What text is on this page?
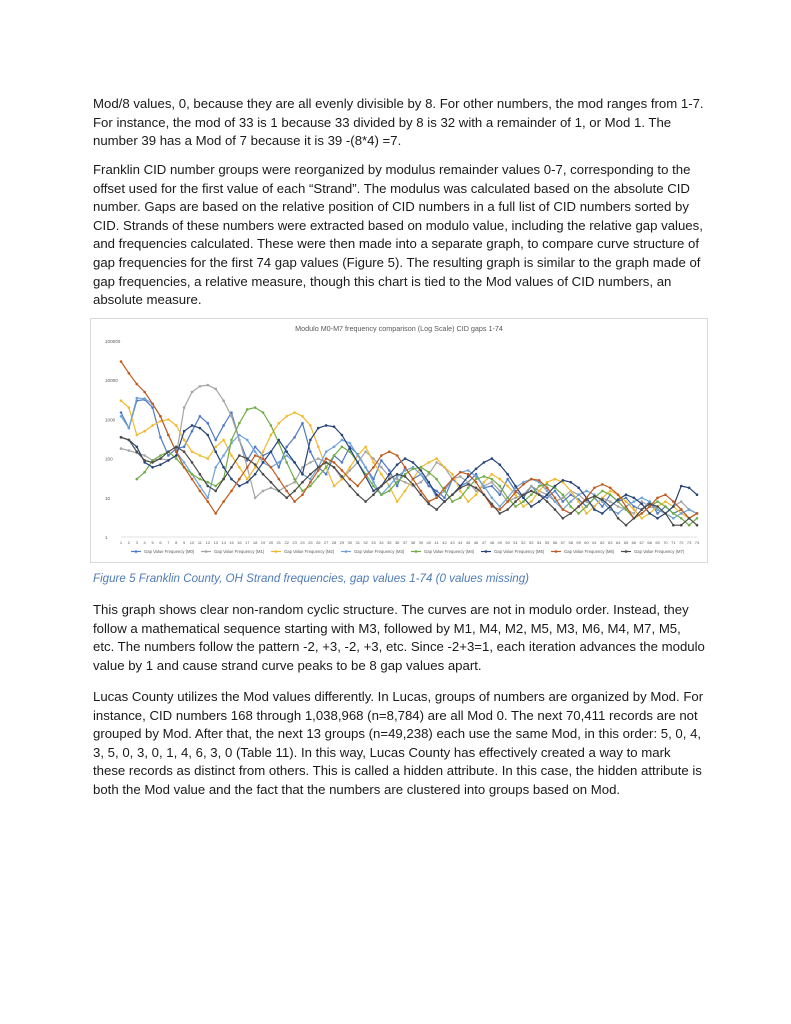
Mod/8 values, 0, because they are all evenly divisible by 8. For other numbers, the mod ranges from 1-7. For instance, the mod of 33 is 1 because 33 divided by 8 is 32 with a remainder of 1, or Mod 1. The number 39 has a Mod of 7 because it is 39 -(8*4) =7.

Franklin CID number groups were reorganized by modulus remainder values 0-7, corresponding to the offset used for the first value of each “Strand”. The modulus was calculated based on the absolute CID number. Gaps are based on the relative position of CID numbers in a full list of CID numbers sorted by CID. Strands of these numbers were extracted based on modulo value, including the relative gap values, and frequencies calculated. These were then made into a separate graph, to compare curve structure of gap frequencies for the first 74 gap values (Figure 5). The resulting graph is similar to the graph made of gap frequencies, a relative measure, though this chart is tied to the Mod values of CID numbers, an absolute measure.

Modulo M0-M7 frequency comparison (Log Scale) CID gaps 1-74
1
10
100
1000
10000
100000
1 2 3 4 5 6 7 8 9 10 11 12 13 14 15 16 17 18 19 20 21 22 23 24 25 26 27 28 29 30 31 32 33 34 35 36 37 38 39 40 41 42 43 44 45 46 47 48 49 50 51 52 53 54 55 56 57 58 59 60 61 62 63 64 65 66 67 68 69 70 71 72 73 74
Gap Value Frequency (M0)	Gap Value Frequency (M1)	Gap Value Frequency (M2)	Gap Value Frequency (M3)	Gap Value Frequency (M4)	Gap Value Frequency (M5)	Gap Value Frequency (M6)	Gap Value Frequency (M7)

Figure 5 Franklin County, OH Strand frequencies, gap values 1-74 (0 values missing)

This graph shows clear non-random cyclic structure. The curves are not in modulo order. Instead, they follow a mathematical sequence starting with M3, followed by M1, M4, M2, M5, M3, M6, M4, M7, M5, etc. The numbers follow the pattern -2, +3, -2, +3, etc. Since -2+3=1, each iteration advances the modulo value by 1 and cause strand curve peaks to be 8 gap values apart.

Lucas County utilizes the Mod values differently. In Lucas, groups of numbers are organized by Mod. For instance, CID numbers 168 through 1,038,968 (n=8,784) are all Mod 0. The next 70,411 records are not grouped by Mod. After that, the next 13 groups (n=49,238) each use the same Mod, in this order: 5, 0, 4, 3, 5, 0, 3, 0, 1, 4, 6, 3, 0 (Table 11). In this way, Lucas County has effectively created a way to mark these records as distinct from others. This is called a hidden attribute. In this case, the hidden attribute is both the Mod value and the fact that the numbers are clustered into groups based on Mod.
